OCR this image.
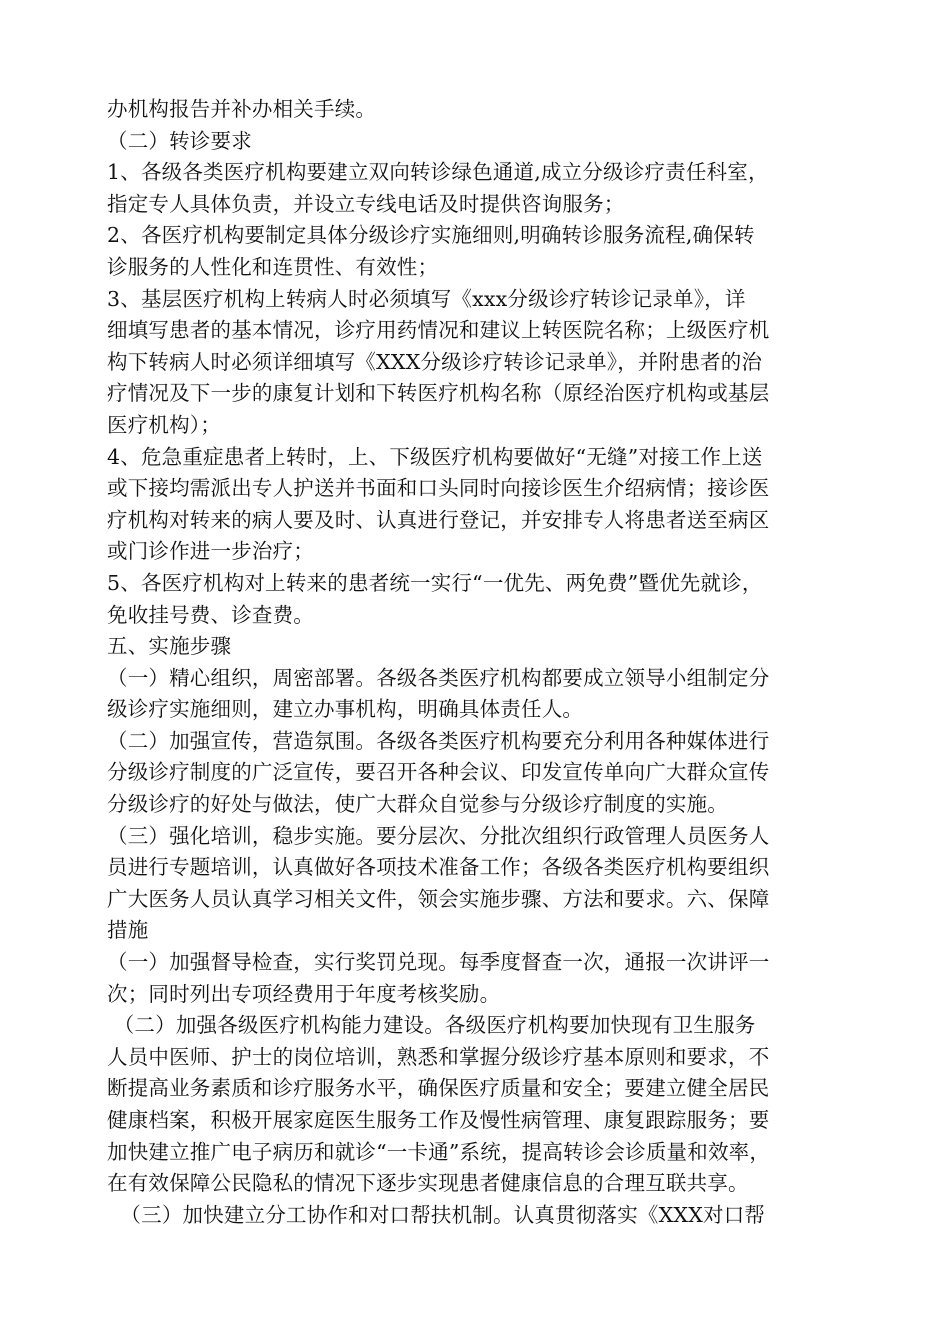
办机构报告并补办相关手续。
（二）转诊要求
1、各级各类医疗机构要建立双向转诊绿色通道,成立分级诊疗责任科室，
指定专人具体负责，并设立专线电话及时提供咨询服务；
2、各医疗机构要制定具体分级诊疗实施细则,明确转诊服务流程,确保转
诊服务的人性化和连贯性、有效性；
3、基层医疗机构上转病人时必须填写《xxx分级诊疗转诊记录单》，详
细填写患者的基本情况，诊疗用药情况和建议上转医院名称；上级医疗机
构下转病人时必须详细填写《XXX分级诊疗转诊记录单》，并附患者的治
疗情况及下一步的康复计划和下转医疗机构名称（原经治医疗机构或基层
医疗机构）；
4、危急重症患者上转时，上、下级医疗机构要做好“无缝”对接工作上送
或下接均需派出专人护送并书面和口头同时向接诊医生介绍病情；接诊医
疗机构对转来的病人要及时、认真进行登记，并安排专人将患者送至病区
或门诊作进一步治疗；
5、各医疗机构对上转来的患者统一实行“一优先、两免费”暨优先就诊，
免收挂号费、诊查费。
五、实施步骤
（一）精心组织，周密部署。各级各类医疗机构都要成立领导小组制定分
级诊疗实施细则，建立办事机构，明确具体责任人。
（二）加强宣传，营造氛围。各级各类医疗机构要充分利用各种媒体进行
分级诊疗制度的广泛宣传，要召开各种会议、印发宣传单向广大群众宣传
分级诊疗的好处与做法，使广大群众自觉参与分级诊疗制度的实施。
（三）强化培训，稳步实施。要分层次、分批次组织行政管理人员医务人
员进行专题培训，认真做好各项技术准备工作；各级各类医疗机构要组织
广大医务人员认真学习相关文件，领会实施步骤、方法和要求。六、保障
措施
（一）加强督导检查，实行奖罚兑现。每季度督查一次，通报一次讲评一
次；同时列出专项经费用于年度考核奖励。
（二）加强各级医疗机构能力建设。各级医疗机构要加快现有卫生服务
人员中医师、护士的岗位培训，熟悉和掌握分级诊疗基本原则和要求，不
断提高业务素质和诊疗服务水平，确保医疗质量和安全；要建立健全居民
健康档案，积极开展家庭医生服务工作及慢性病管理、康复跟踪服务；要
加快建立推广电子病历和就诊“一卡通”系统，提高转诊会诊质量和效率，
在有效保障公民隐私的情况下逐步实现患者健康信息的合理互联共享。
（三）加快建立分工协作和对口帮扶机制。认真贯彻落实《XXX对口帮
